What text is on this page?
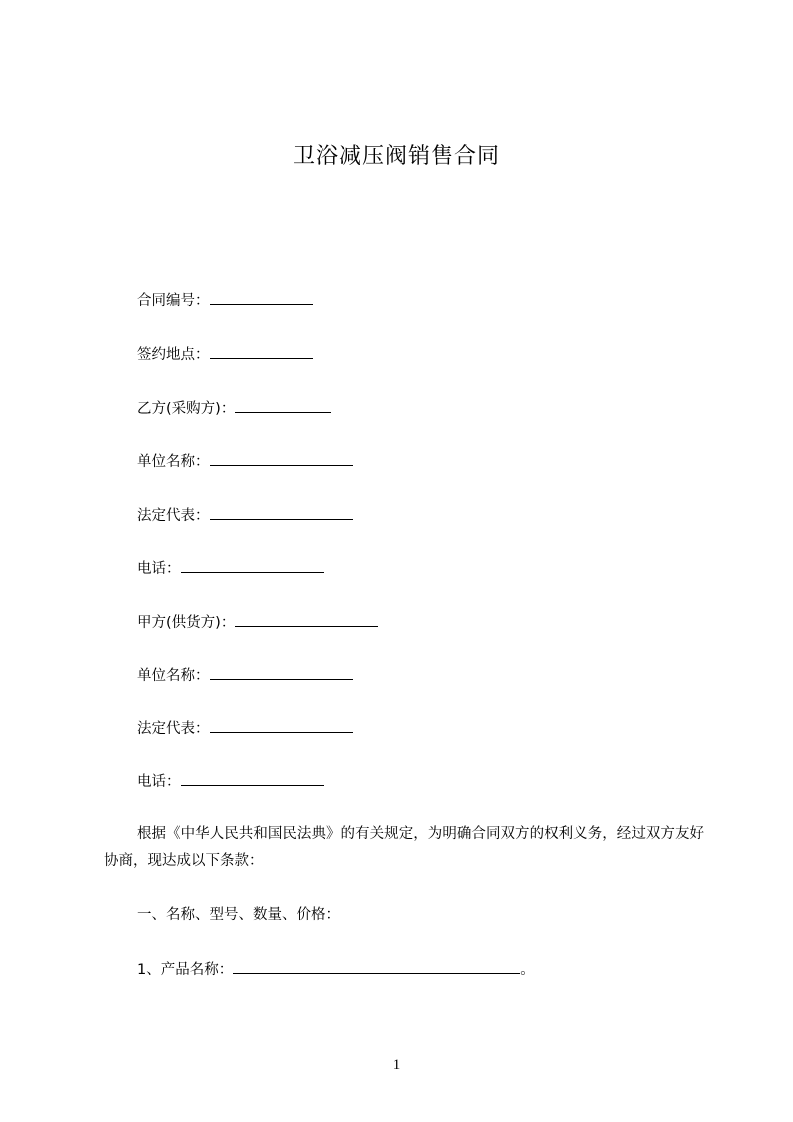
卫浴减压阀销售合同
合同编号：
签约地点：
乙方(采购方)：
单位名称：
法定代表：
电话：
甲方(供货方)：
单位名称：
法定代表：
电话：
根据《中华人民共和国民法典》的有关规定，为明确合同双方的权利义务，经过双方友好协商，现达成以下条款：
一、名称、型号、数量、价格：
1、产品名称：	。
1
